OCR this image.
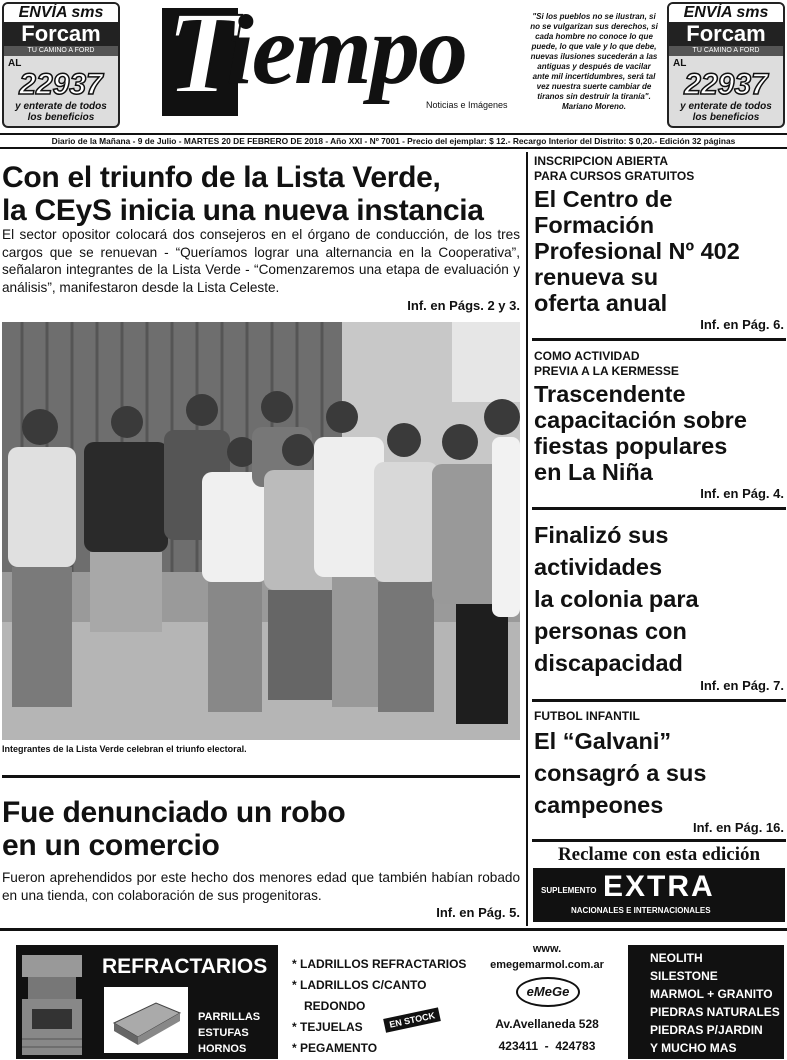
ENVÍA sms
Forcam
TU CAMINO A FORD
AL
22937
y enterate de todos
los beneficios
ENVÍA sms
Forcam
TU CAMINO A FORD
AL
22937
y enterate de todos
los beneficios
T
iempo
Noticias e Imágenes
"Si los pueblos no se ilustran, si no se vulgarizan sus derechos, si cada hombre no conoce lo que puede, lo que vale y lo que debe, nuevas ilusiones sucederán a las antiguas y después de vacilar ante mil incertidumbres, será tal vez nuestra suerte cambiar de tiranos sin destruir la tiranía". Mariano Moreno.
Diario de la Mañana - 9 de Julio - MARTES 20 DE FEBRERO DE 2018 - Año XXI - Nº 7001 - Precio del ejemplar: $ 12.- Recargo Interior del Distrito: $ 0,20.- Edición 32 páginas
Con el triunfo de la Lista Verde,
la CEyS inicia una nueva instancia
El sector opositor colocará dos consejeros en el órgano de conducción, de los tres cargos que se renuevan - “Queríamos lograr una alternancia en la Cooperativa”, señalaron integrantes de la Lista Verde - “Comenzaremos una etapa de evaluación y análisis”, manifestaron desde la Lista Celeste.
Inf. en Págs. 2 y 3.
Integrantes de la Lista Verde celebran el triunfo electoral.
Fue denunciado un robo
en un comercio
Fueron aprehendidos por este hecho dos menores edad que también habían robado en una tienda, con colaboración de sus progenitoras.
Inf. en Pág. 5.
INSCRIPCION ABIERTA
PARA CURSOS GRATUITOS
El Centro de
Formación
Profesional Nº 402
renueva su
oferta anual
Inf. en Pág. 6.
COMO ACTIVIDAD
PREVIA A LA KERMESSE
Trascendente
capacitación sobre
fiestas populares
en La Niña
Inf. en Pág. 4.
Finalizó sus
actividades
la colonia para
personas con
discapacidad
Inf. en Pág. 7.
FUTBOL INFANTIL
El “Galvani”
consagró a sus
campeones
Inf. en Pág. 16.
Reclame con esta edición
SUPLEMENTO EXTRA
NACIONALES E INTERNACIONALES
REFRACTARIOS
PARRILLAS
ESTUFAS
HORNOS
* LADRILLOS REFRACTARIOS
* LADRILLOS C/CANTO
REDONDO
* TEJUELAS
* PEGAMENTO
EN STOCK
www.
emegemarmol.com.ar
eMeGe
Av.Avellaneda 528
423411  -  424783
NEOLITH
SILESTONE
MARMOL + GRANITO
PIEDRAS NATURALES
PIEDRAS P/JARDIN
Y MUCHO MAS
